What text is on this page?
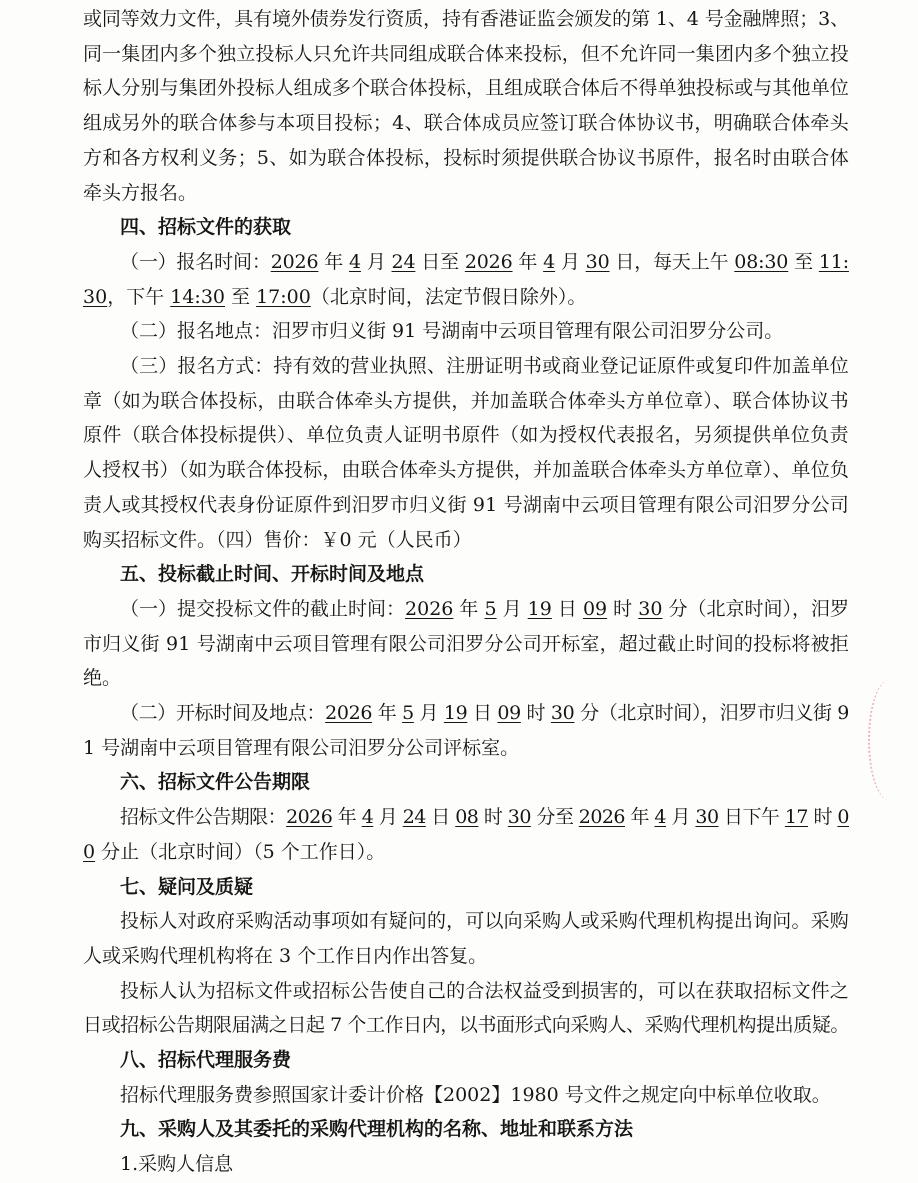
或同等效力文件，具有境外债券发行资质，持有香港证监会颁发的第 1、4 号金融牌照；3、
同一集团内多个独立投标人只允许共同组成联合体来投标，但不允许同一集团内多个独立投
标人分别与集团外投标人组成多个联合体投标，且组成联合体后不得单独投标或与其他单位
组成另外的联合体参与本项目投标；4、联合体成员应签订联合体协议书，明确联合体牵头
方和各方权利义务；5、如为联合体投标，投标时须提供联合协议书原件，报名时由联合体
牵头方报名。
四、招标文件的获取
（一）报名时间：2026 年 4 月 24 日至 2026 年 4 月 30 日，每天上午 08:30 至 11:
30，下午 14:30 至 17:00（北京时间，法定节假日除外）。
（二）报名地点：汨罗市归义街 91 号湖南中云项目管理有限公司汨罗分公司。
（三）报名方式：持有效的营业执照、注册证明书或商业登记证原件或复印件加盖单位
章（如为联合体投标，由联合体牵头方提供，并加盖联合体牵头方单位章）、联合体协议书
原件（联合体投标提供）、单位负责人证明书原件（如为授权代表报名，另须提供单位负责
人授权书）（如为联合体投标，由联合体牵头方提供，并加盖联合体牵头方单位章）、单位负
责人或其授权代表身份证原件到汨罗市归义街 91 号湖南中云项目管理有限公司汨罗分公司
购买招标文件。（四）售价：￥0 元（人民币）
五、投标截止时间、开标时间及地点
（一）提交投标文件的截止时间：2026 年 5 月 19 日 09 时 30 分（北京时间），汨罗
市归义街 91 号湖南中云项目管理有限公司汨罗分公司开标室，超过截止时间的投标将被拒
绝。
（二）开标时间及地点：2026 年 5 月 19 日 09 时 30 分（北京时间），汨罗市归义街 9
1 号湖南中云项目管理有限公司汨罗分公司评标室。
六、招标文件公告期限
招标文件公告期限：2026 年 4 月 24 日 08 时 30 分至 2026 年 4 月 30 日下午 17 时 0
0 分止（北京时间）（5 个工作日）。
七、疑问及质疑
投标人对政府采购活动事项如有疑问的，可以向采购人或采购代理机构提出询问。采购
人或采购代理机构将在 3 个工作日内作出答复。
投标人认为招标文件或招标公告使自己的合法权益受到损害的，可以在获取招标文件之
日或招标公告期限届满之日起 7 个工作日内，以书面形式向采购人、采购代理机构提出质疑。
八、招标代理服务费
招标代理服务费参照国家计委计价格【2002】1980 号文件之规定向中标单位收取。
九、采购人及其委托的采购代理机构的名称、地址和联系方法
1.采购人信息
